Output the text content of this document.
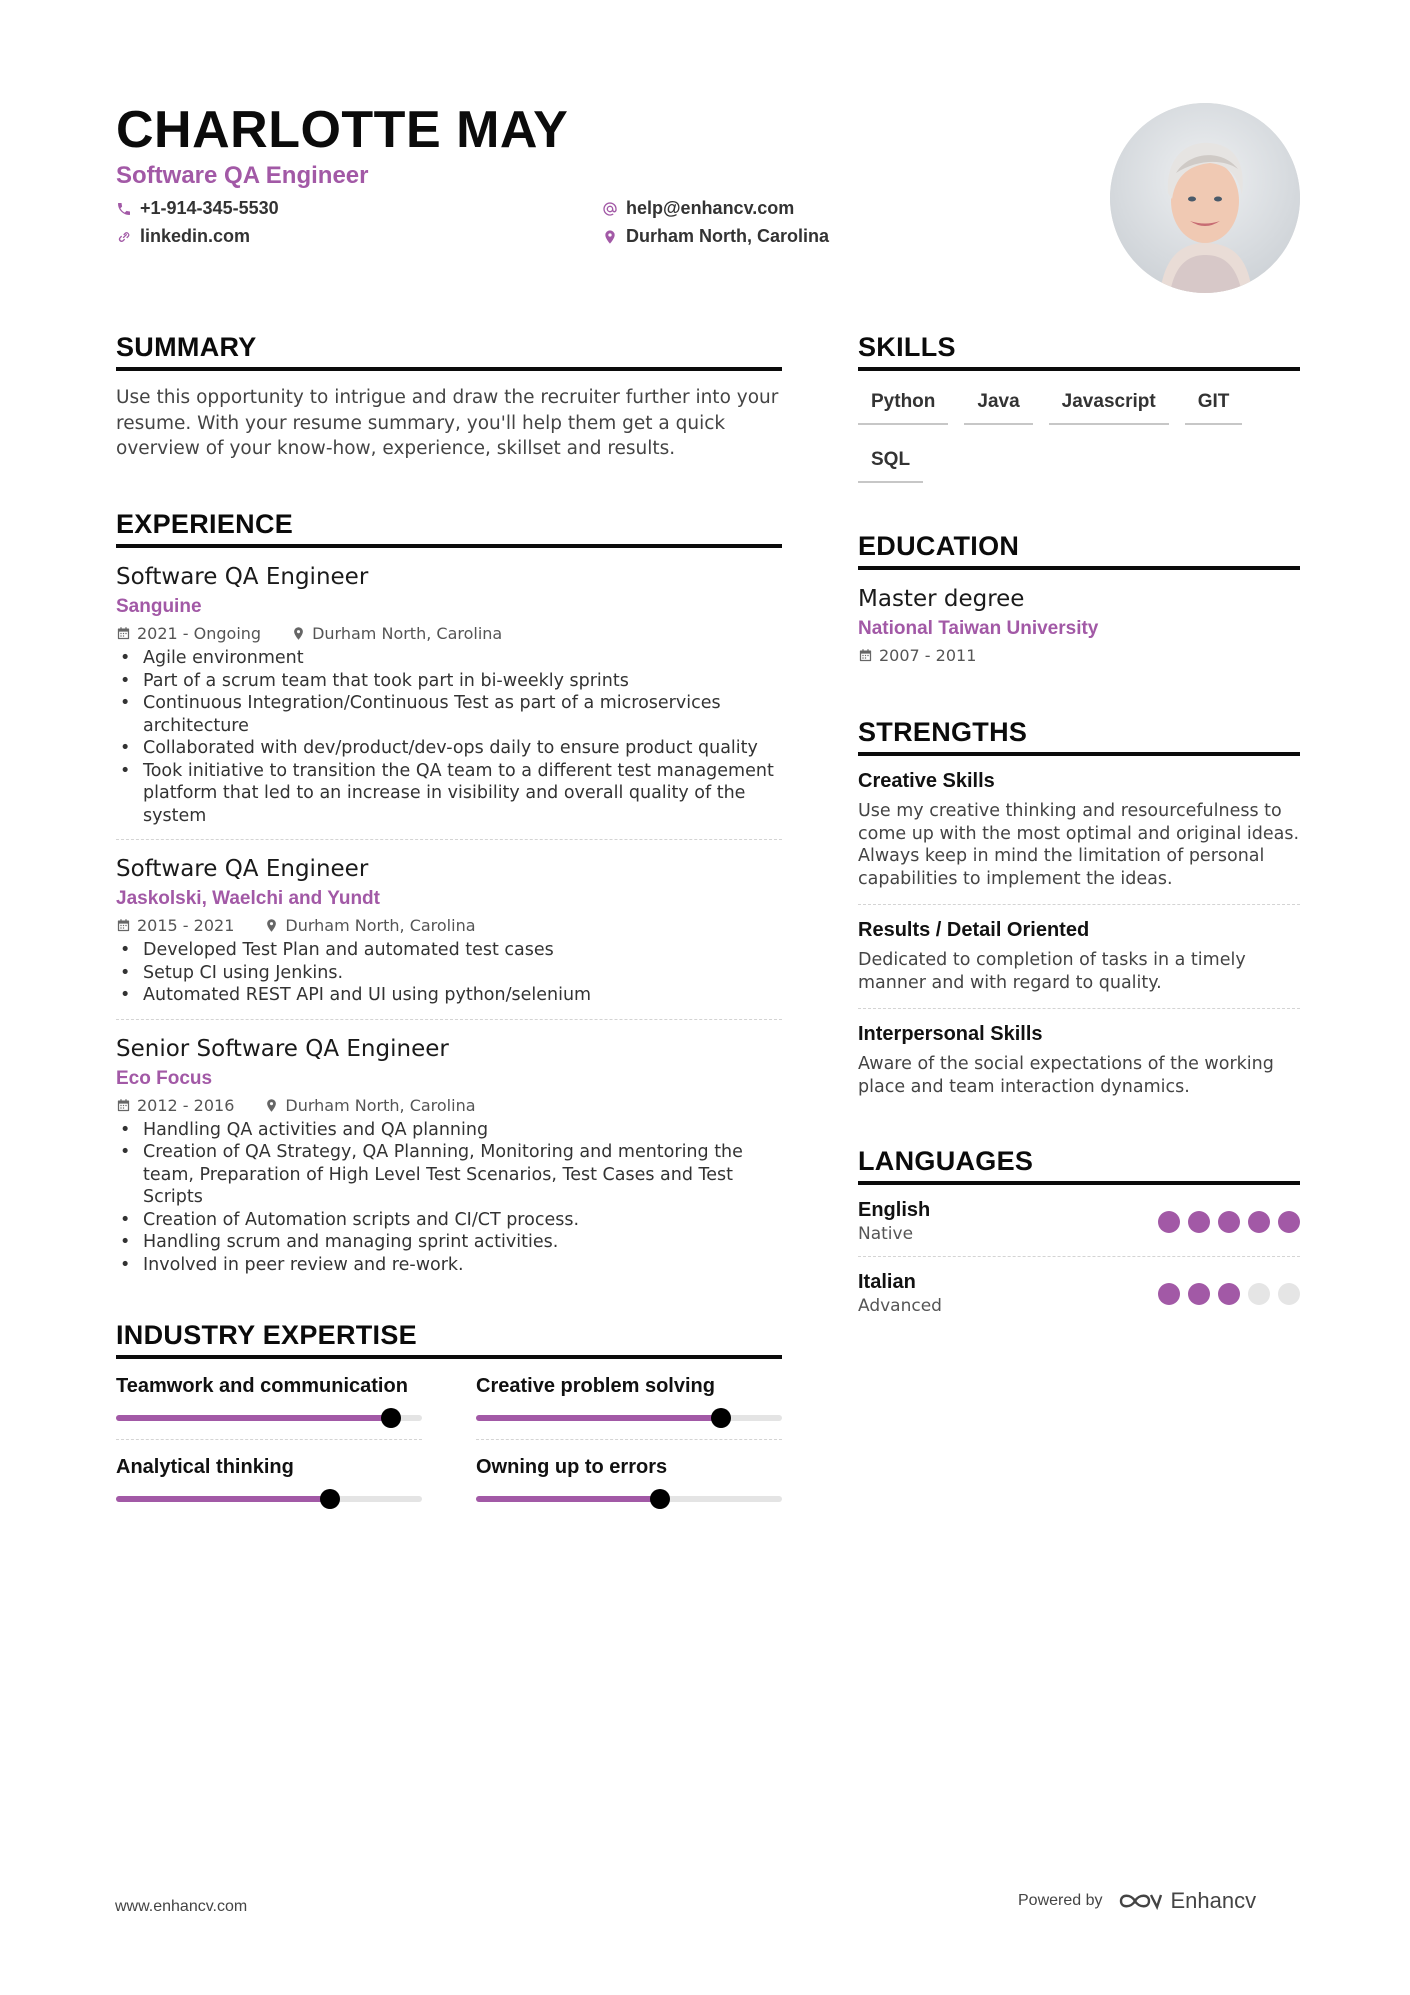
CHARLOTTE MAY
Software QA Engineer
+1-914-345-5530
linkedin.com
help@enhancv.com
Durham North, Carolina
SUMMARY
Use this opportunity to intrigue and draw the recruiter further into your resume. With your resume summary, you'll help them get a quick overview of your know-how, experience, skillset and results.
EXPERIENCE
Software QA Engineer
Sanguine
2021 - Ongoing	Durham North, Carolina
• Agile environment
• Part of a scrum team that took part in bi-weekly sprints
• Continuous Integration/Continuous Test as part of a microservices architecture
• Collaborated with dev/product/dev-ops daily to ensure product quality
• Took initiative to transition the QA team to a different test management platform that led to an increase in visibility and overall quality of the system
Software QA Engineer
Jaskolski, Waelchi and Yundt
2015 - 2021	Durham North, Carolina
• Developed Test Plan and automated test cases
• Setup CI using Jenkins.
• Automated REST API and UI using python/selenium
Senior Software QA Engineer
Eco Focus
2012 - 2016	Durham North, Carolina
• Handling QA activities and QA planning
• Creation of QA Strategy, QA Planning, Monitoring and mentoring the team, Preparation of High Level Test Scenarios, Test Cases and Test Scripts
• Creation of Automation scripts and CI/CT process.
• Handling scrum and managing sprint activities.
• Involved in peer review and re-work.
INDUSTRY EXPERTISE
Teamwork and communication	Creative problem solving
Analytical thinking	Owning up to errors
SKILLS
Python	Java	Javascript	GIT
SQL
EDUCATION
Master degree
National Taiwan University
2007 - 2011
STRENGTHS
Creative Skills
Use my creative thinking and resourcefulness to come up with the most optimal and original ideas. Always keep in mind the limitation of personal capabilities to implement the ideas.
Results / Detail Oriented
Dedicated to completion of tasks in a timely manner and with regard to quality.
Interpersonal Skills
Aware of the social expectations of the working place and team interaction dynamics.
LANGUAGES
English
Native
Italian
Advanced
www.enhancv.com	Powered by	Enhancv
